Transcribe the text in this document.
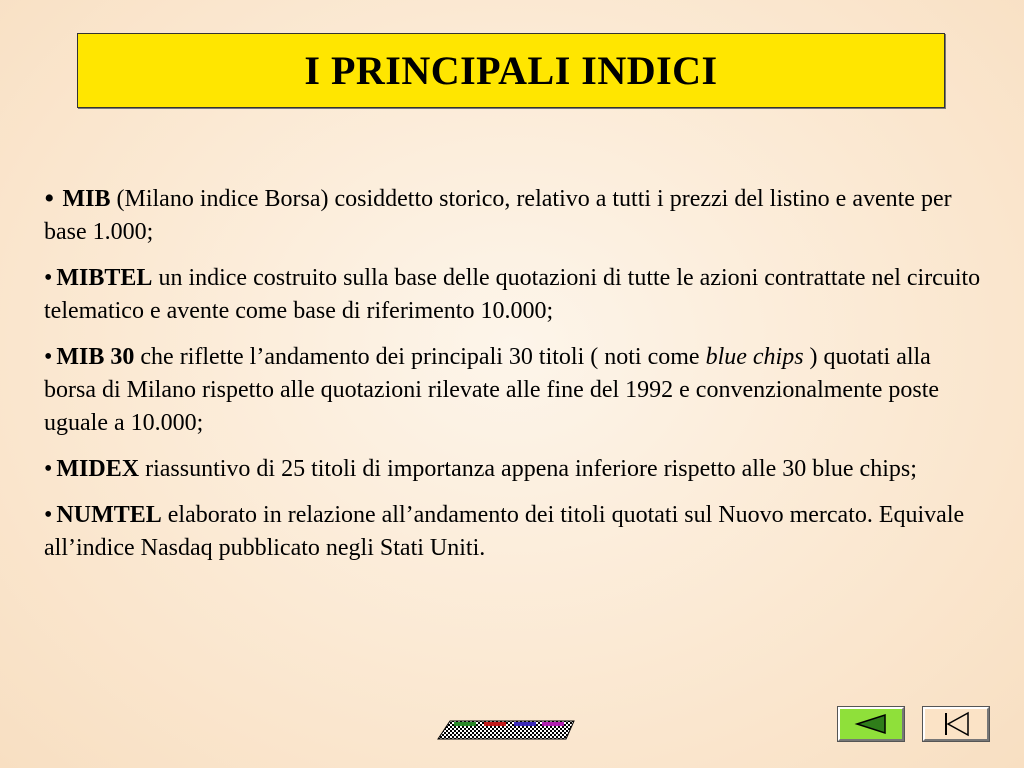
I PRINCIPALI INDICI

• MIB (Milano indice Borsa) cosiddetto storico, relativo a tutti i prezzi del listino e avente per base 1.000;

• MIBTEL un indice costruito sulla base delle quotazioni di tutte le azioni contrattate nel circuito telematico e avente come base di riferimento 10.000;

• MIB 30 che riflette l’andamento dei principali 30 titoli ( noti come blue chips ) quotati alla borsa di Milano rispetto alle quotazioni rilevate alle fine del 1992 e convenzionalmente poste uguale a 10.000;

• MIDEX riassuntivo di 25 titoli di importanza appena inferiore rispetto alle 30 blue chips;

• NUMTEL elaborato in relazione all’andamento dei titoli quotati sul Nuovo mercato. Equivale all’indice Nasdaq pubblicato negli Stati Uniti.
